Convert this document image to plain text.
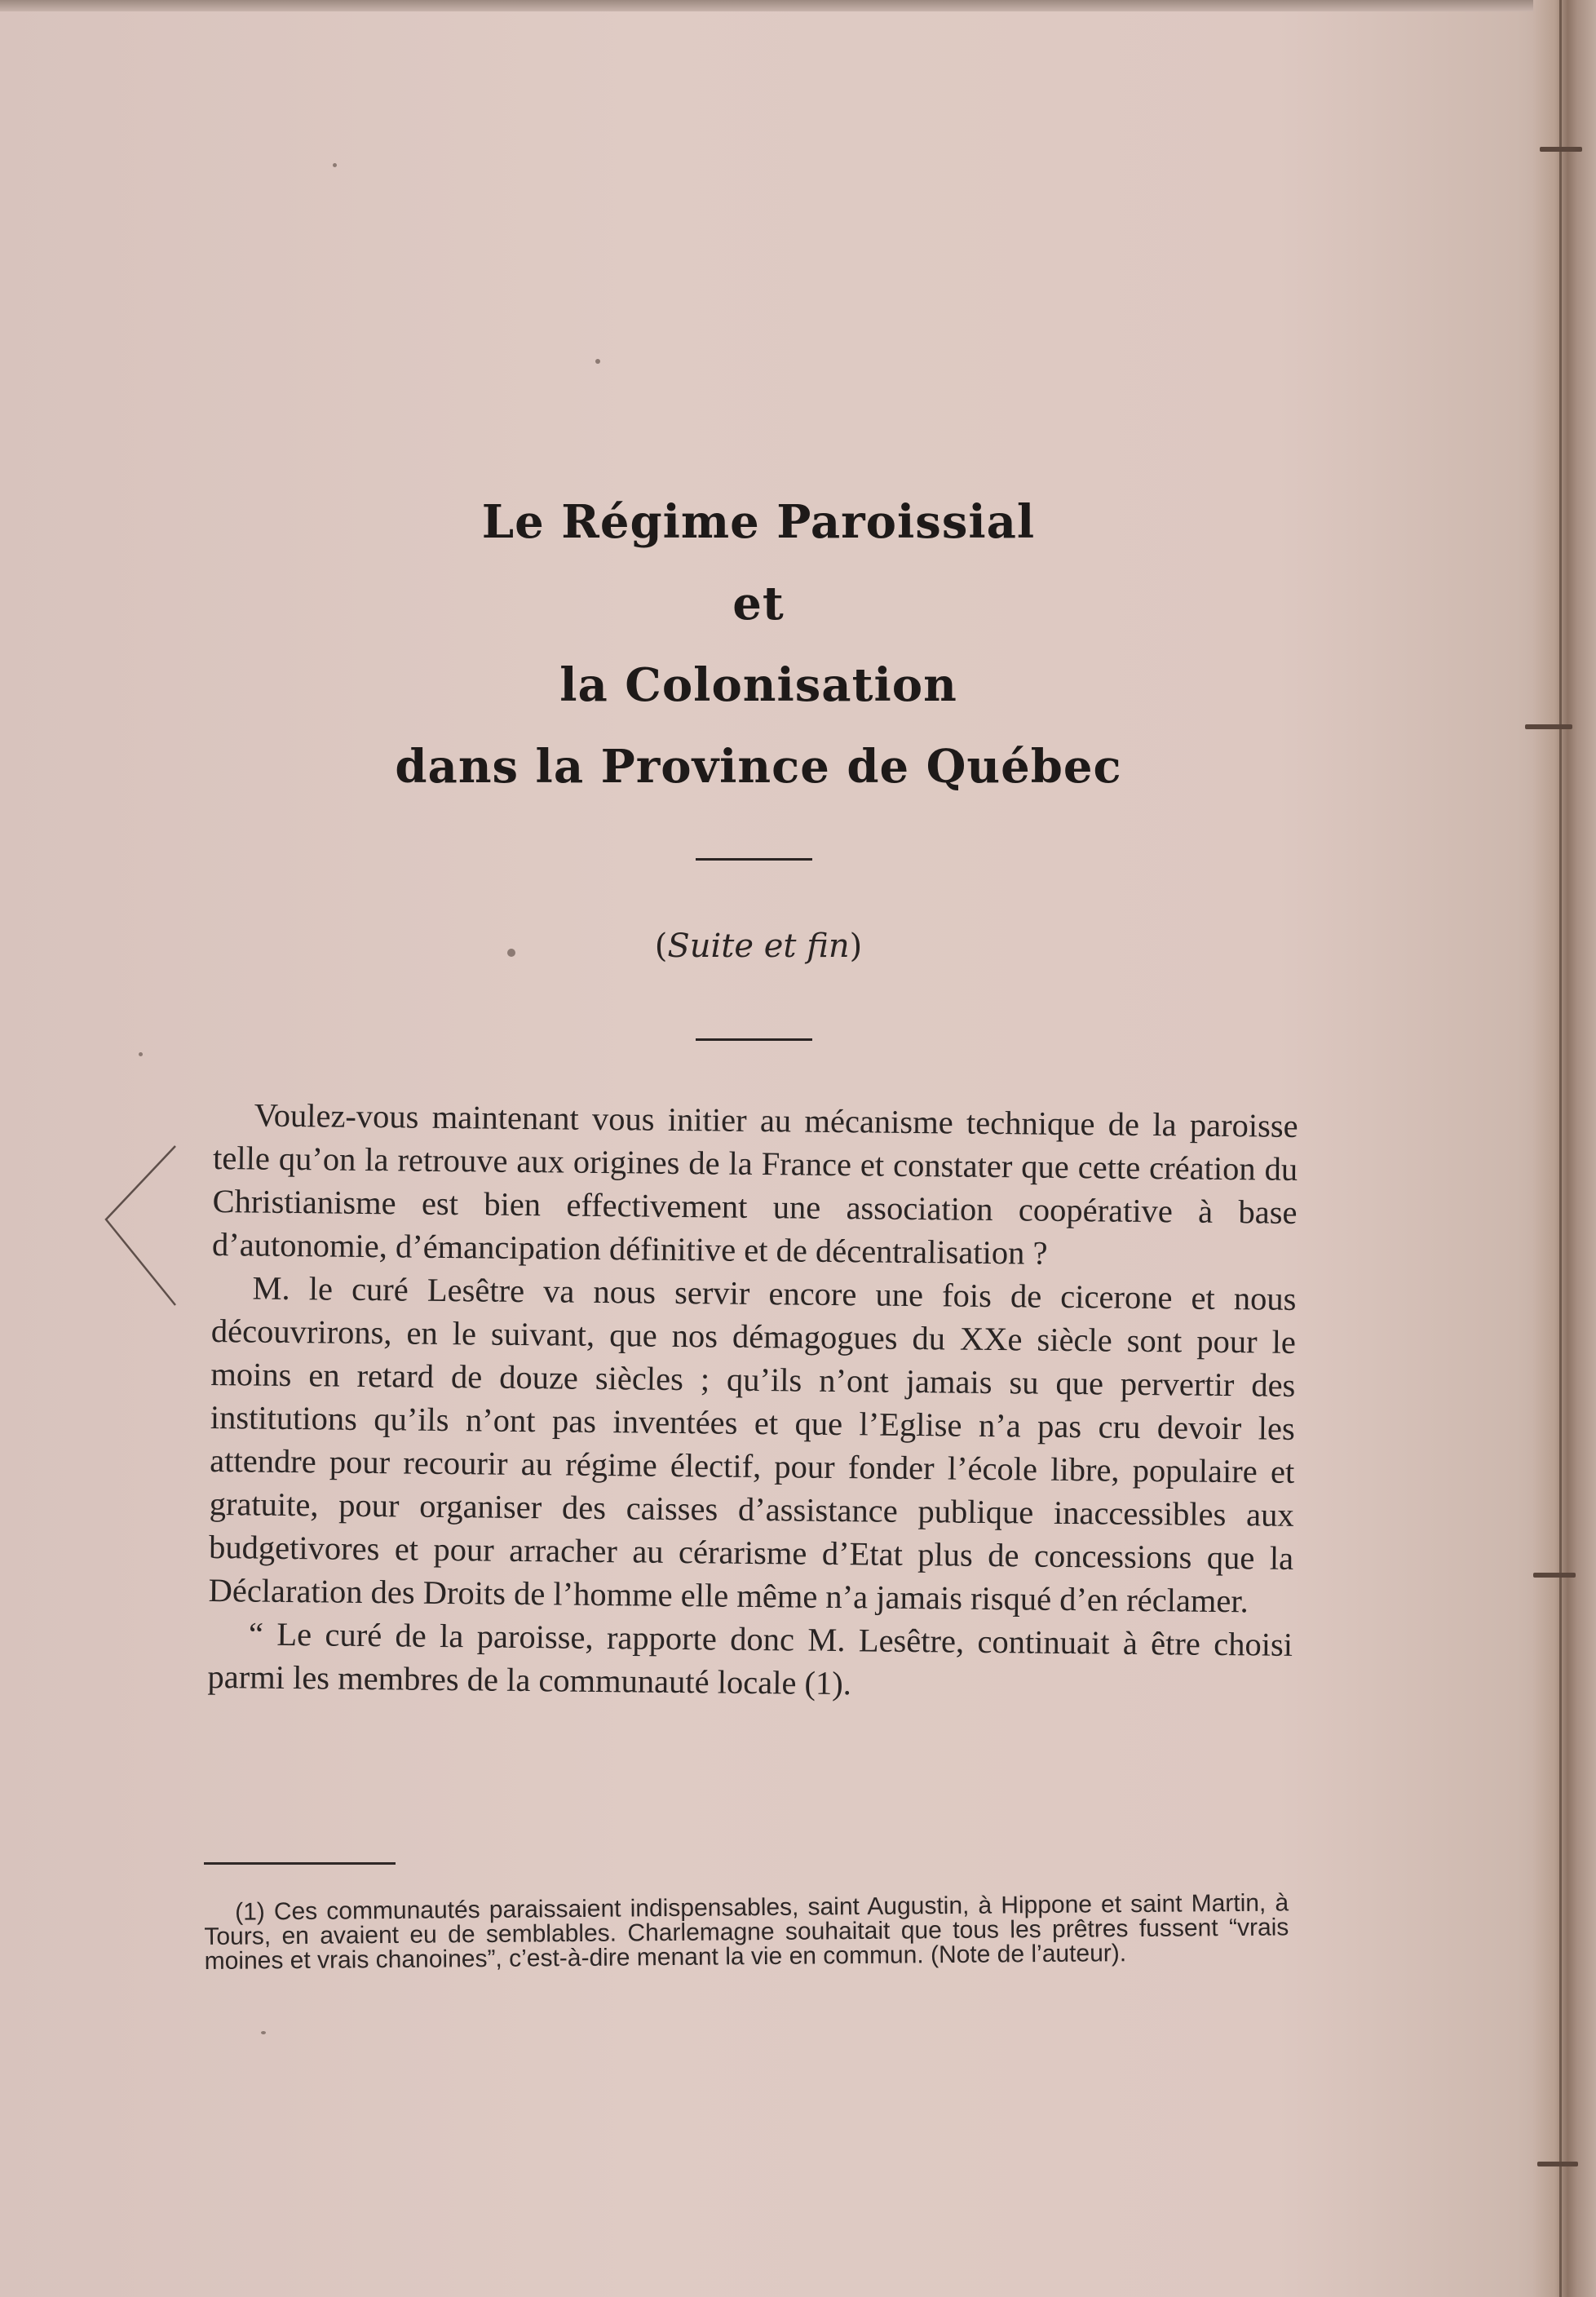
Le Régime Paroissial
et
la Colonisation
dans la Province de Québec
(Suite et fin)

Voulez-vous maintenant vous initier au mécanisme technique de la paroisse telle qu’on la retrouve aux origines de la France et constater que cette création du Christianisme est bien effectivement une association coopérative à base d’autonomie, d’émancipation définitive et de décentralisation ?

M. le curé Lesêtre va nous servir encore une fois de cicerone et nous découvrirons, en le suivant, que nos démagogues du XXe siècle sont pour le moins en retard de douze siècles ; qu’ils n’ont jamais su que pervertir des institutions qu’ils n’ont pas inventées et que l’Eglise n’a pas cru devoir les attendre pour recourir au régime électif, pour fonder l’école libre, populaire et gratuite, pour organiser des caisses d’assistance publique inaccessibles aux budgetivores et pour arracher au cérarisme d’Etat plus de concessions que la Déclaration des Droits de l’homme elle même n’a jamais risqué d’en réclamer.

“ Le curé de la paroisse, rapporte donc M. Lesêtre, continuait à être choisi parmi les membres de la communauté locale (1).

(1) Ces communautés paraissaient indispensables, saint Augustin, à Hippone et saint Martin, à Tours, en avaient eu de semblables. Charlemagne souhaitait que tous les prêtres fussent “vrais moines et vrais chanoines”, c’est-à-dire menant la vie en commun. (Note de l’auteur).
